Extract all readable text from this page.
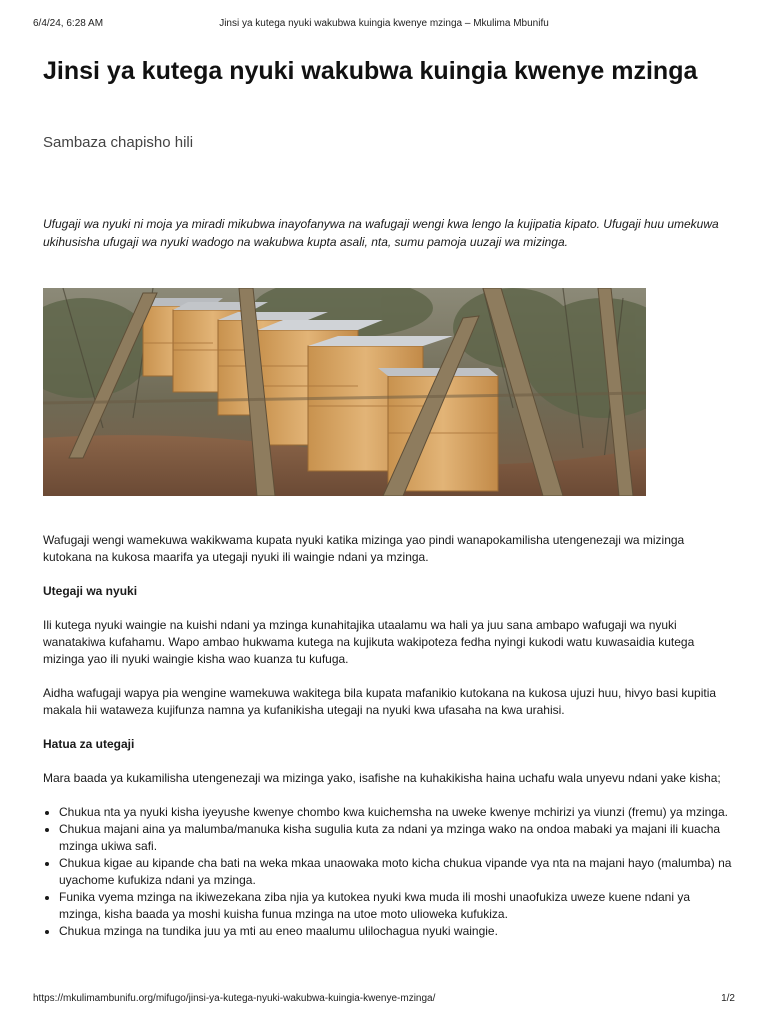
6/4/24, 6:28 AM	Jinsi ya kutega nyuki wakubwa kuingia kwenye mzinga – Mkulima Mbunifu
Jinsi ya kutega nyuki wakubwa kuingia kwenye mzinga
Sambaza chapisho hili

Ufugaji wa nyuki ni moja ya miradi mikubwa inayofanywa na wafugaji wengi kwa lengo la kujipatia kipato. Ufugaji huu umekuwa ukihusisha ufugaji wa nyuki wadogo na wakubwa kupta asali, nta, sumu pamoja uuzaji wa mizinga.

Wafugaji wengi wamekuwa wakikwama kupata nyuki katika mizinga yao pindi wanapokamilisha utengenezaji wa mizinga kutokana na kukosa maarifa ya utegaji nyuki ili waingie ndani ya mzinga.

Utegaji wa nyuki

Ili kutega nyuki waingie na kuishi ndani ya mzinga kunahitajika utaalamu wa hali ya juu sana ambapo wafugaji wa nyuki wanatakiwa kufahamu. Wapo ambao hukwama kutega na kujikuta wakipoteza fedha nyingi kukodi watu kuwasaidia kutega mizinga yao ili nyuki waingie kisha wao kuanza tu kufuga.

Aidha wafugaji wapya pia wengine wamekuwa wakitega bila kupata mafanikio kutokana na kukosa ujuzi huu, hivyo basi kupitia makala hii wataweza kujifunza namna ya kufanikisha utegaji na nyuki kwa ufasaha na kwa urahisi.

Hatua za utegaji

Mara baada ya kukamilisha utengenezaji wa mizinga yako, isafishe na kuhakikisha haina uchafu wala unyevu ndani yake kisha;

• Chukua nta ya nyuki kisha iyeyushe kwenye chombo kwa kuichemsha na uweke kwenye mchirizi ya viunzi (fremu) ya mzinga.
• Chukua majani aina ya malumba/manuka kisha sugulia kuta za ndani ya mzinga wako na ondoa mabaki ya majani ili kuacha mzinga ukiwa safi.
• Chukua kigae au kipande cha bati na weka mkaa unaowaka moto kicha chukua vipande vya nta na majani hayo (malumba) na uyachome kufukiza ndani ya mzinga.
• Funika vyema mzinga na ikiwezekana ziba njia ya kutokea nyuki kwa muda ili moshi unaofukiza uweze kuene ndani ya mzinga, kisha baada ya moshi kuisha funua mzinga na utoe moto ulioweka kufukiza.
• Chukua mzinga na tundika juu ya mti au eneo maalumu ulilochagua nyuki waingie.
https://mkulimambunifu.org/mifugo/jinsi-ya-kutega-nyuki-wakubwa-kuingia-kwenye-mzinga/	1/2
